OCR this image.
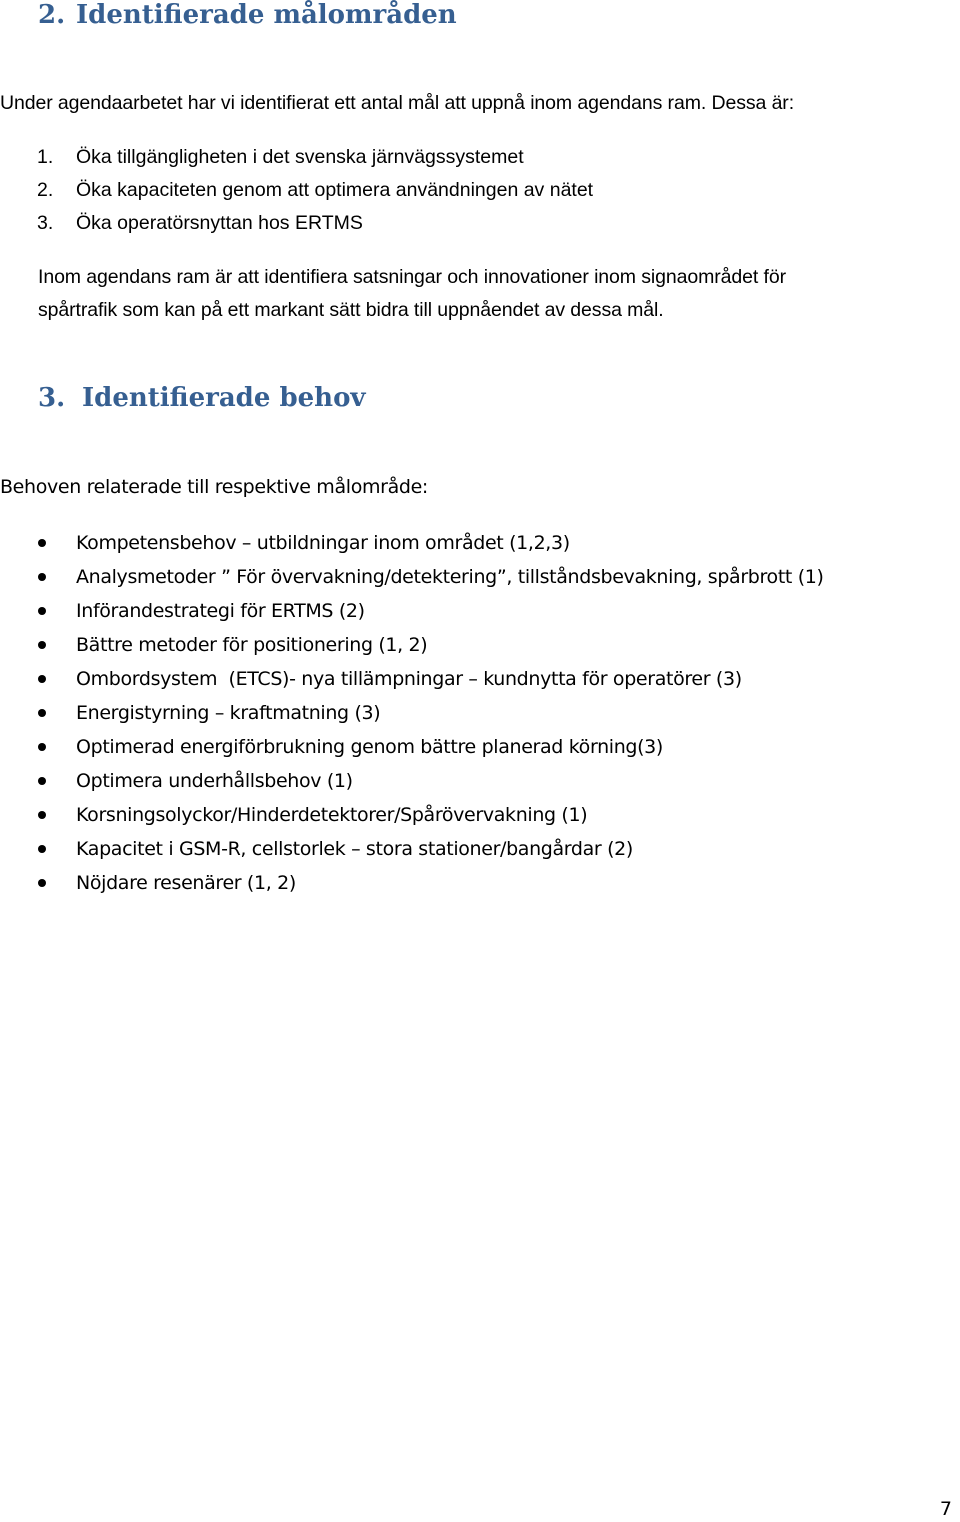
2. Identifierade målområden

Under agendaarbetet har vi identifierat ett antal mål att uppnå inom agendans ram. Dessa är:

1. Öka tillgängligheten i det svenska järnvägssystemet
2. Öka kapaciteten genom att optimera användningen av nätet
3. Öka operatörsnyttan hos ERTMS

Inom agendans ram är att identifiera satsningar och innovationer inom signaområdet för

spårtrafik som kan på ett markant sätt bidra till uppnåendet av dessa mål.

3. Identifierade behov

Behoven relaterade till respektive målområde:

Kompetensbehov – utbildningar inom området (1,2,3)
Analysmetoder ” För övervakning/detektering”, tillståndsbevakning, spårbrott (1)
Införandestrategi för ERTMS (2)
Bättre metoder för positionering (1, 2)
Ombordsystem  (ETCS)- nya tillämpningar – kundnytta för operatörer (3)
Energistyrning – kraftmatning (3)
Optimerad energiförbrukning genom bättre planerad körning(3)
Optimera underhållsbehov (1)
Korsningsolyckor/Hinderdetektorer/Spårövervakning (1)
Kapacitet i GSM-R, cellstorlek – stora stationer/bangårdar (2)
Nöjdare resenärer (1, 2)
7
